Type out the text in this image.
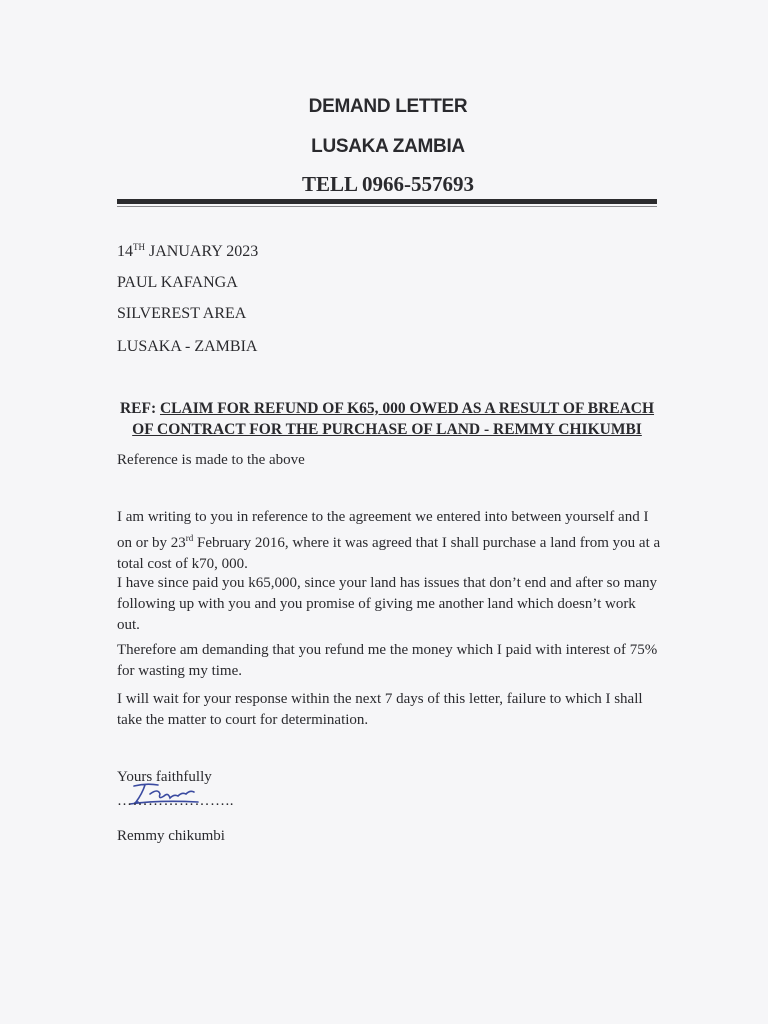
DEMAND LETTER
LUSAKA ZAMBIA
TELL 0966-557693
14TH JANUARY 2023
PAUL KAFANGA
SILVEREST AREA
LUSAKA - ZAMBIA
REF: CLAIM FOR REFUND OF K65, 000 OWED AS A RESULT OF BREACH
OF CONTRACT FOR THE PURCHASE OF LAND - REMMY CHIKUMBI
Reference is made to the above
I am writing to you in reference to the agreement we entered into between yourself and I on or by 23rd February 2016, where it was agreed that I shall purchase a land from you at a total cost of k70, 000.
I have since paid you k65,000, since your land has issues that don’t end and after so many following up with you and you promise of giving me another land which doesn’t work out.
Therefore am demanding that you refund me the money which I paid with interest of 75% for wasting my time.
I will wait for your response within the next 7 days of this letter, failure to which I shall take the matter to court for determination.
Yours faithfully
…………………..
Remmy chikumbi
